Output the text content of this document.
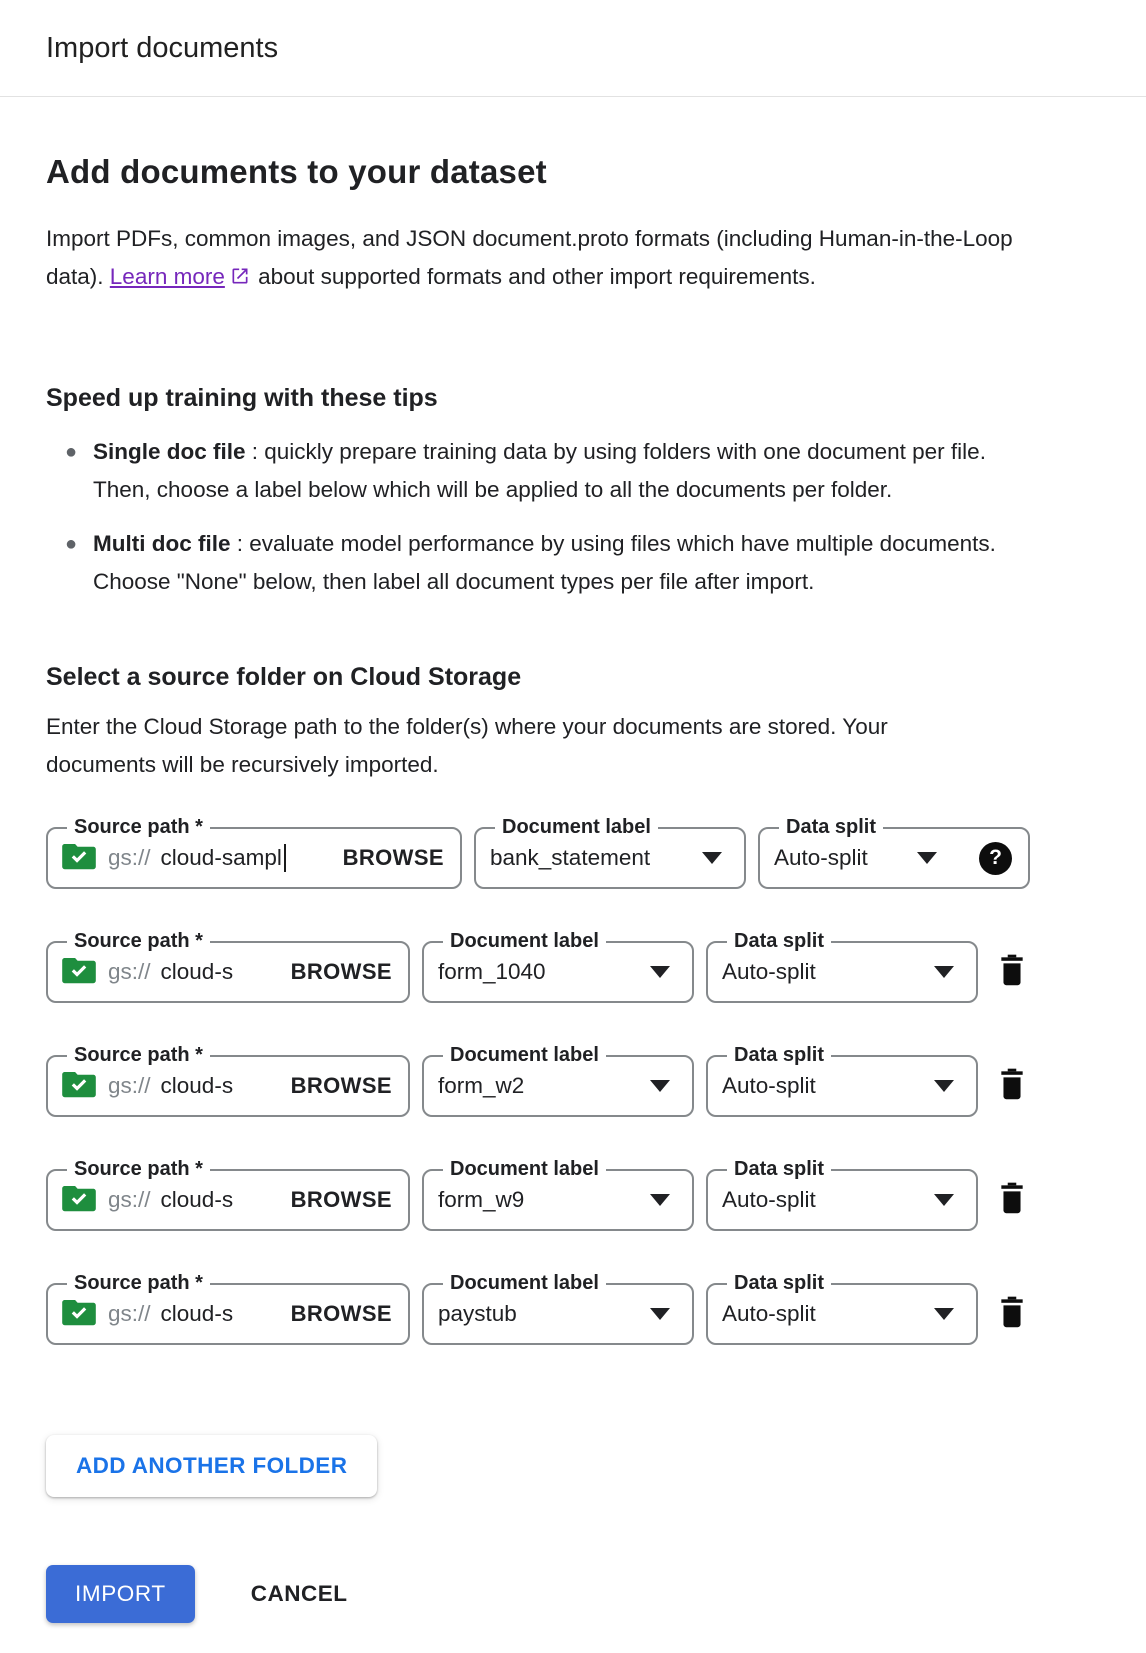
Import documents
Add documents to your dataset

Import PDFs, common images, and JSON document.proto formats (including Human-in-the-Loop data). Learn more about supported formats and other import requirements.

Speed up training with these tips
● Single doc file : quickly prepare training data by using folders with one document per file. Then, choose a label below which will be applied to all the documents per folder.
● Multi doc file : evaluate model performance by using files which have multiple documents. Choose "None" below, then label all document types per file after import.
Select a source folder on Cloud Storage

Enter the Cloud Storage path to the folder(s) where your documents are stored. Your documents will be recursively imported.

Source path *
gs:// cloud-sampl	BROWSE
Document label
bank_statement
Data split
Auto-split	?
Source path *
gs:// cloud-s	BROWSE
Document label
form_1040
Data split
Auto-split
Source path *
gs:// cloud-s	BROWSE
Document label
form_w2
Data split
Auto-split
Source path *
gs:// cloud-s	BROWSE
Document label
form_w9
Data split
Auto-split
Source path *
gs:// cloud-s	BROWSE
Document label
paystub
Data split
Auto-split
ADD ANOTHER FOLDER
IMPORT	CANCEL
